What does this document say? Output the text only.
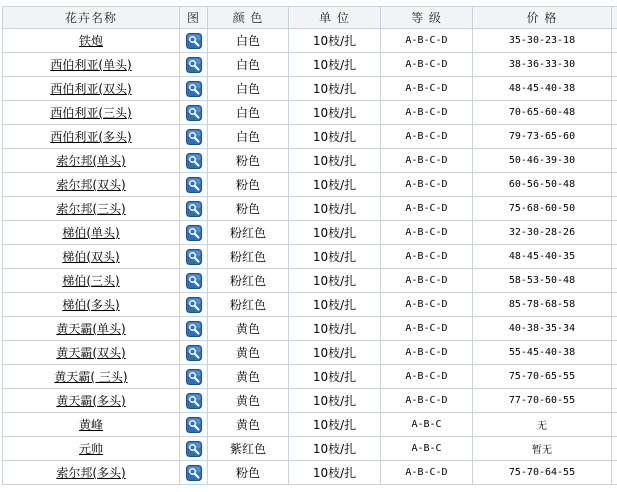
花卉名称	图	颜 色	单 位	等 级	价 格	
铁炮		白色	10枝/扎	A-B-C-D	35-30-23-18	
西伯利亚(单头)		白色	10枝/扎	A-B-C-D	38-36-33-30	
西伯利亚(双头)		白色	10枝/扎	A-B-C-D	48-45-40-38	
西伯利亚(三头)		白色	10枝/扎	A-B-C-D	70-65-60-48	
西伯利亚(多头)		白色	10枝/扎	A-B-C-D	79-73-65-60	
索尔邦(单头)		粉色	10枝/扎	A-B-C-D	50-46-39-30	
索尔邦(双头)		粉色	10枝/扎	A-B-C-D	60-56-50-48	
索尔邦(三头)		粉色	10枝/扎	A-B-C-D	75-68-60-50	
梯伯(单头)		粉红色	10枝/扎	A-B-C-D	32-30-28-26	
梯伯(双头)		粉红色	10枝/扎	A-B-C-D	48-45-40-35	
梯伯(三头)		粉红色	10枝/扎	A-B-C-D	58-53-50-48	
梯伯(多头)		粉红色	10枝/扎	A-B-C-D	85-78-68-58	
黄天霸(单头)		黄色	10枝/扎	A-B-C-D	40-38-35-34	
黄天霸(双头)		黄色	10枝/扎	A-B-C-D	55-45-40-38	
黄天霸( 三头)		黄色	10枝/扎	A-B-C-D	75-70-65-55	
黄天霸(多头)		黄色	10枝/扎	A-B-C-D	77-70-60-55	
黄峰		黄色	10枝/扎	A-B-C	无	
元帅		紫红色	10枝/扎	A-B-C	暂无	
索尔邦(多头)		粉色	10枝/扎	A-B-C-D	75-70-64-55	
